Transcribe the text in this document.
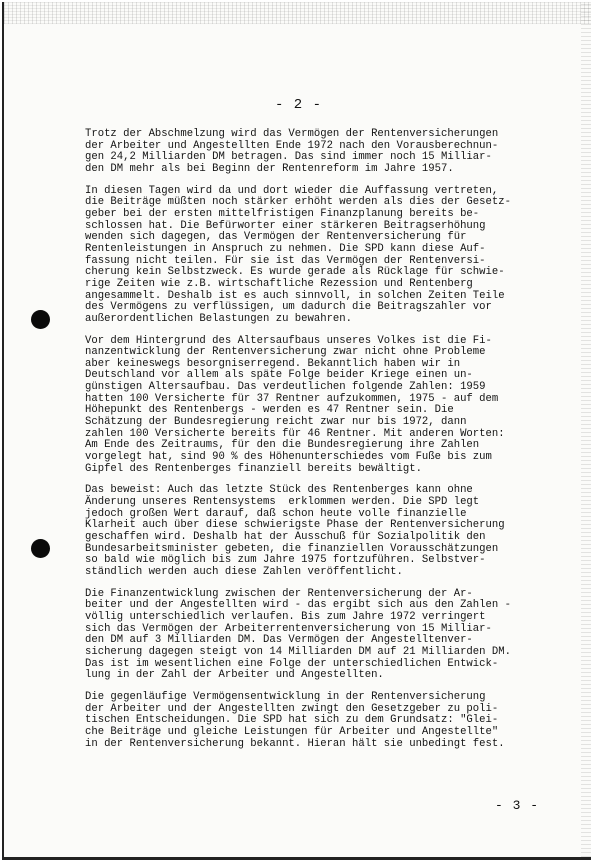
- 2 -
Trotz der Abschmelzung wird das Vermögen der Rentenversicherungen
der Arbeiter und Angestellten Ende 1972 nach den Vorausberechnun-
gen 24,2 Milliarden DM betragen. Das sind immer noch 15 Milliar-
den DM mehr als bei Beginn der Rentenreform im Jahre 1957.
In diesen Tagen wird da und dort wieder die Auffassung vertreten,
die Beiträge müßten noch stärker erhöht werden als dies der Gesetz-
geber bei der ersten mittelfristigen Finanzplanung bereits be-
schlossen hat. Die Befürworter einer stärkeren Beitragserhöhung
wenden sich dagegen, das Vermögen der Rentenversicherung für
Rentenleistungen in Anspruch zu nehmen. Die SPD kann diese Auf-
fassung nicht teilen. Für sie ist das Vermögen der Rentenversi-
cherung kein Selbstzweck. Es wurde gerade als Rücklage für schwie-
rige Zeiten wie z.B. wirtschaftliche Rezession und Rentenberg
angesammelt. Deshalb ist es auch sinnvoll, in solchen Zeiten Teile
des Vermögens zu verflüssigen, um dadurch die Beitragszahler vor
außerordentlichen Belastungen zu bewahren.
Vor dem Hintergrund des Altersaufbaus unseres Volkes ist die Fi-
nanzentwicklung der Rentenversicherung zwar nicht ohne Probleme
aber keineswegs besorgniserregend. Bekanntlich haben wir in
Deutschland vor allem als späte Folge beider Kriege einen un-
günstigen Altersaufbau. Das verdeutlichen folgende Zahlen: 1959
hatten 100 Versicherte für 37 Rentner aufzukommen, 1975 - auf dem
Höhepunkt des Rentenbergs - werden es 47 Rentner sein. Die
Schätzung der Bundesregierung reicht zwar nur bis 1972, dann
zahlen 100 Versicherte bereits für 46 Rentner. Mit anderen Worten:
Am Ende des Zeitraums, für den die Bundesregierung ihre Zahlen
vorgelegt hat, sind 90 % des Höhenunterschiedes vom Fuße bis zum
Gipfel des Rentenberges finanziell bereits bewältigt.
Das beweist: Auch das letzte Stück des Rentenberges kann ohne
Änderung unseres Rentensystems  erklommen werden. Die SPD legt
jedoch großen Wert darauf, daß schon heute volle finanzielle
Klarheit auch über diese schwierigste Phase der Rentenversicherung
geschaffen wird. Deshalb hat der Ausschuß für Sozialpolitik den
Bundesarbeitsminister gebeten, die finanziellen Vorausschätzungen
so bald wie möglich bis zum Jahre 1975 fortzuführen. Selbstver-
ständlich werden auch diese Zahlen veröffentlicht.
Die Finanzentwicklung zwischen der Rentenversicherung der Ar-
beiter und der Angestellten wird - das ergibt sich aus den Zahlen -
völlig unterschiedlich verlaufen. Bis zum Jahre 1972 verringert
sich das Vermögen der Arbeiterrentenversicherung von 15 Milliar-
den DM auf 3 Milliarden DM. Das Vermögen der Angestelltenver-
sicherung dagegen steigt von 14 Milliarden DM auf 21 Milliarden DM.
Das ist im wesentlichen eine Folge der unterschiedlichen Entwick-
lung in der Zahl der Arbeiter und Angestellten.
Die gegenläufige Vermögensentwicklung in der Rentenversicherung
der Arbeiter und der Angestellten zwingt den Gesetzgeber zu poli-
tischen Entscheidungen. Die SPD hat sich zu dem Grundsatz: "Glei-
che Beiträge und gleiche Leistungen für Arbeiter und Angestellte"
in der Rentenversicherung bekannt. Hieran hält sie unbedingt fest.
- 3 -
